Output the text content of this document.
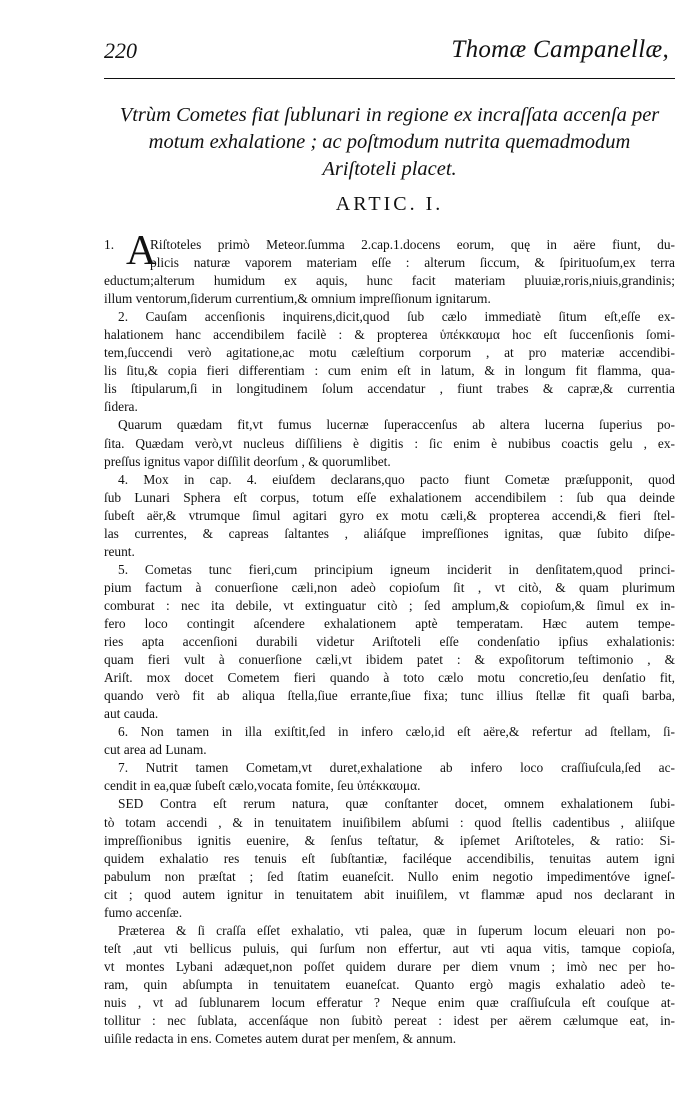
220	Thomæ Campanellæ,
Vtrùm Cometes fiat ſublunari in regione ex incraſſata accenſa per
motum exhalatione ; ac poſtmodum nutrita quemadmodum
Ariſtoteli placet.
ARTIC. I.
1. A
Riſtoteles primò Meteor.ſumma 2.cap.1.docens eorum, quę in aëre fiunt, du-
plicis naturæ vaporem materiam eſſe : alterum ſiccum, & ſpirituoſum,ex terra
eductum;alterum humidum ex aquis, hunc facit materiam pluuiæ,roris,niuis,grandinis;
illum ventorum,ſiderum currentium,& omnium impreſſionum ignitarum.
2. Cauſam accenſionis inquirens,dicit,quod ſub cælo immediatè ſitum eſt,eſſe ex-
halationem hanc accendibilem facilè : & propterea ὑπέκκαυμα hoc eſt ſuccenſionis ſomi-
tem,ſuccendi verò agitatione,ac motu cæleſtium corporum , at pro materiæ accendibi-
lis ſitu,& copia fieri differentiam : cum enim eſt in latum, & in longum fit flamma, qua-
lis ſtipularum,ſi in longitudinem ſolum accendatur , fiunt trabes & capræ,& currentia
ſidera.
Quarum quædam fit,vt fumus lucernæ ſuperaccenſus ab altera lucerna ſuperius po-
ſita. Quædam verò,vt nucleus diſſiliens è digitis : ſic enim è nubibus coactis gelu , ex-
preſſus ignitus vapor diſſilit deorſum , & quorumlibet.
4. Mox in cap. 4. eiuſdem declarans,quo pacto fiunt Cometæ præſupponit, quod
ſub Lunari Sphera eſt corpus, totum eſſe exhalationem accendibilem : ſub qua deinde
ſubeſt aër,& vtrumque ſimul agitari gyro ex motu cæli,& propterea accendi,& fieri ſtel-
las currentes, & capreas ſaltantes , aliáſque impreſſiones ignitas, quæ ſubito diſpe-
reunt.
5. Cometas tunc fieri,cum principium igneum inciderit in denſitatem,quod princi-
pium factum à conuerſione cæli,non adeò copioſum ſit , vt citò, & quam plurimum
comburat : nec ita debile, vt extinguatur citò ; ſed amplum,& copioſum,& ſimul ex in-
fero loco contingit aſcendere exhalationem aptè temperatam. Hæc autem tempe-
ries apta accenſioni durabili videtur Ariſtoteli eſſe condenſatio ipſius exhalationis:
quam fieri vult à conuerſione cæli,vt ibidem patet : & expoſitorum teſtimonio , &
Ariſt. mox docet Cometem fieri quando à toto cælo motu concretio,ſeu denſatio fit,
quando verò fit ab aliqua ſtella,ſiue errante,ſiue fixa; tunc illius ſtellæ fit quaſi barba,
aut cauda.
6. Non tamen in illa exiſtit,ſed in infero cælo,id eſt aëre,& refertur ad ſtellam, ſi-
cut area ad Lunam.
7. Nutrit tamen Cometam,vt duret,exhalatione ab infero loco craſſiuſcula,ſed ac-
cendit in ea,quæ ſubeſt cælo,vocata fomite, ſeu ὑπέκκαυμα.
SED Contra eſt rerum natura, quæ conſtanter docet, omnem exhalationem ſubi-
tò totam accendi , & in tenuitatem inuiſibilem abſumi : quod ſtellis cadentibus , aliiſque
impreſſionibus ignitis euenire, & ſenſus teſtatur, & ipſemet Ariſtoteles, & ratio: Si-
quidem exhalatio res tenuis eſt ſubſtantiæ, faciléque accendibilis, tenuitas autem igni
pabulum non præſtat ; ſed ſtatim euaneſcit. Nullo enim negotio impedimentóve igneſ-
cit ; quod autem ignitur in tenuitatem abit inuiſilem, vt flammæ apud nos declarant in
fumo accenſæ.
Præterea & ſi craſſa eſſet exhalatio, vti palea, quæ in ſuperum locum eleuari non po-
teſt ,aut vti bellicus puluis, qui ſurſum non effertur, aut vti aqua vitis, tamque copioſa,
vt montes Lybani adæquet,non poſſet quidem durare per diem vnum ; imò nec per ho-
ram, quin abſumpta in tenuitatem euaneſcat. Quanto ergò magis exhalatio adeò te-
nuis , vt ad ſublunarem locum efferatur ? Neque enim quæ craſſiuſcula eſt couſque at-
tollitur : nec ſublata, accenſáque non ſubitò pereat : idest per aërem cælumque eat, in-
uiſile redacta in ens. Cometes autem durat per menſem, & annum.
